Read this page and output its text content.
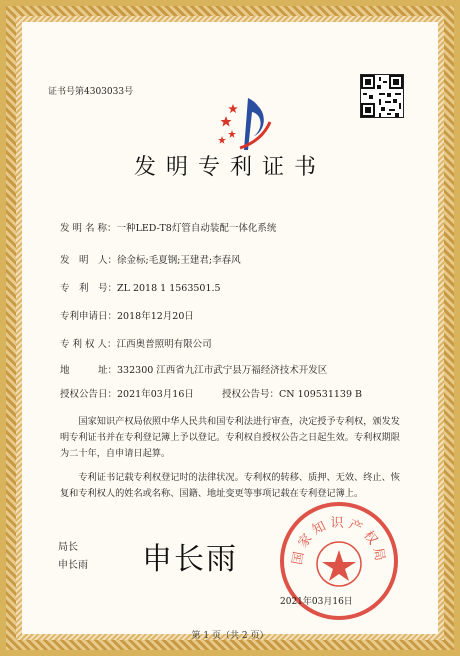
证书号第4303033号
发明专利证书
发 明 名 称：一种LED-T8灯管自动装配一体化系统
发　明　人：徐金标;毛夏钢;王建君;李春风
专　利　号：ZL 2018 1 1563501.5
专利申请日：2018年12月20日
专 利 权 人：江西奥普照明有限公司
地　　　址：332300 江西省九江市武宁县万福经济技术开发区
授权公告日：2021年03月16日	授权公告号：CN 109531139 B
国家知识产权局依照中华人民共和国专利法进行审查，决定授予专利权，颁发发明专利证书并在专利登记簿上予以登记。专利权自授权公告之日起生效。专利权期限为二十年，自申请日起算。
专利证书记载专利权登记时的法律状况。专利权的转移、质押、无效、终止、恢复和专利权人的姓名或名称、国籍、地址变更等事项记载在专利登记簿上。
局长
申长雨 申长雨	国家知识产权局
2021年03月16日
第 1 页（共 2 页）
